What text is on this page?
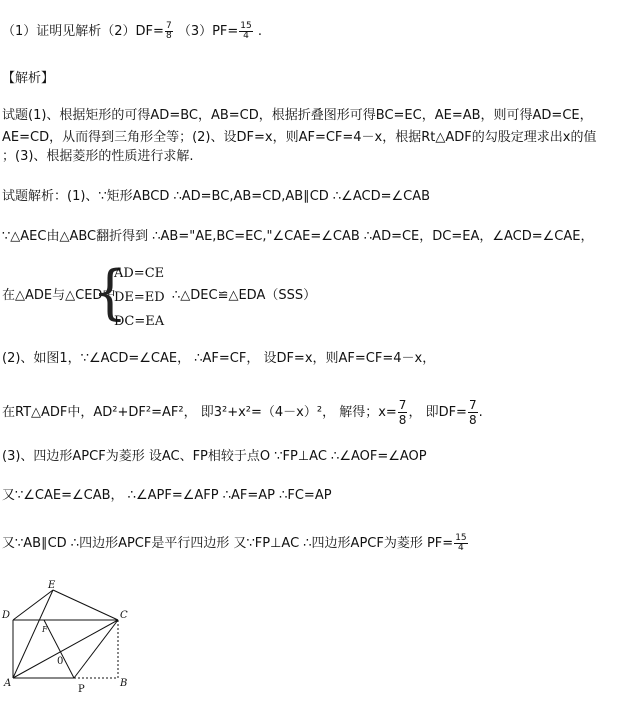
（1）证明见解析$(2)DF= \frac{7}{8} (3)PF= \frac{15}{4}$ .
【解析】
试题(1)、根据矩形的可得AD=BC，AB=CD，根据折叠图形可得BC=EC，AE=AB，则可得AD=CE，
AE=CD，从而得到三角形全等；(2)、设DF=x，则AF=CF=4－x，根据Rt△ADF的勾股定理求出x的值
；(3)、根据菱形的性质进行求解.
试题解析：(1)、∵矩形ABCD ∴AD=BC,AB=CD,AB∥CD ∴∠ACD=∠CAB
∵△AEC由△ABC翻折得到 ∴AB="AE,BC=EC,"∠CAE=∠CAB ∴AD=CE，DC=EA，∠ACD=∠CAE，
在△ADE与△CED中
{
AD=CE
DE=ED
DC=EA
∴△DEC≌△EDA（SSS）
(2)、如图1，∵∠ACD=∠CAE， ∴AF=CF， 设DF=x，则AF=CF=4－x，
在RT△ADF中，AD²+DF²=AF²， 即3²+x²=（4－x）²， 解得；$x= \frac{7}{8}$ ， 即$DF= \frac{7}{8}$ .
(3)、四边形APCF为菱形 设AC、FP相较于点O ∵FP⊥AC ∴∠AOF=∠AOP
又∵∠CAE=∠CAB， ∴∠APF=∠AFP ∴AF=AP ∴FC=AP
又∵AB∥CD ∴四边形APCF是平行四边形 又∵FP⊥AC ∴四边形APCF为菱形 $PF= \frac{15}{4}$
D
E
C
F
0
A	B
P
